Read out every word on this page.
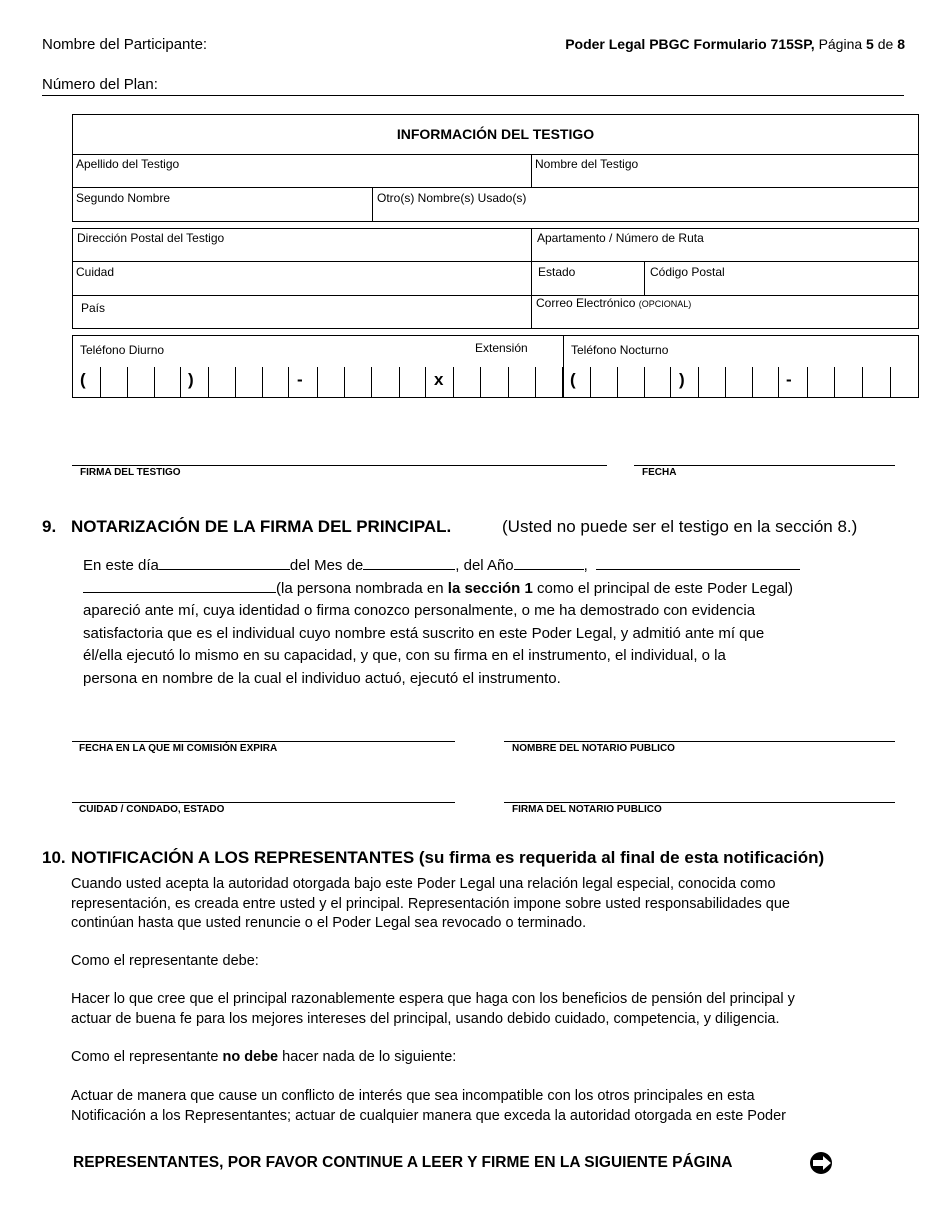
Nombre del Participante:	Poder Legal PBGC Formulario 715SP, Página 5 de 8
Número del Plan:
INFORMACIÓN DEL TESTIGO
Apellido del Testigo	Nombre del Testigo
Segundo Nombre	Otro(s) Nombre(s) Usado(s)
Dirección Postal del Testigo	Apartamento / Número de Ruta
Cuidad	Estado	Código Postal
País	Correo Electrónico (OPCIONAL)
Teléfono Diurno	Extensión	Teléfono Nocturno
(	)	-	x	(	)	-
FIRMA DEL TESTIGO	FECHA
9. NOTARIZACIÓN DE LA FIRMA DEL PRINCIPAL.	(Usted no puede ser el testigo en la sección 8.)
En este día	del Mes de	, del Año	,
(la persona nombrada en la sección 1 como el principal de este Poder Legal)
apareció ante mí, cuya identidad o firma conozco personalmente, o me ha demostrado con evidencia
satisfactoria que es el individual cuyo nombre está suscrito en este Poder Legal, y admitió ante mí que
él/ella ejecutó lo mismo en su capacidad, y que, con su firma en el instrumento, el individual, o la
persona en nombre de la cual el individuo actuó, ejecutó el instrumento.
FECHA EN LA QUE MI COMISIÓN EXPIRA	NOMBRE DEL NOTARIO PUBLICO
CUIDAD / CONDADO, ESTADO	FIRMA DEL NOTARIO PUBLICO
10. NOTIFICACIÓN A LOS REPRESENTANTES (su firma es requerida al final de esta notificación)
Cuando usted acepta la autoridad otorgada bajo este Poder Legal una relación legal especial, conocida como
representación, es creada entre usted y el principal. Representación impone sobre usted responsabilidades que
continúan hasta que usted renuncie o el Poder Legal sea revocado o terminado.
Como el representante debe:
Hacer lo que cree que el principal razonablemente espera que haga con los beneficios de pensión del principal y
actuar de buena fe para los mejores intereses del principal, usando debido cuidado, competencia, y diligencia.
Como el representante no debe hacer nada de lo siguiente:
Actuar de manera que cause un conflicto de interés que sea incompatible con los otros principales en esta
Notificación a los Representantes; actuar de cualquier manera que exceda la autoridad otorgada en este Poder
REPRESENTANTES, POR FAVOR CONTINUE A LEER Y FIRME EN LA SIGUIENTE PÁGINA
